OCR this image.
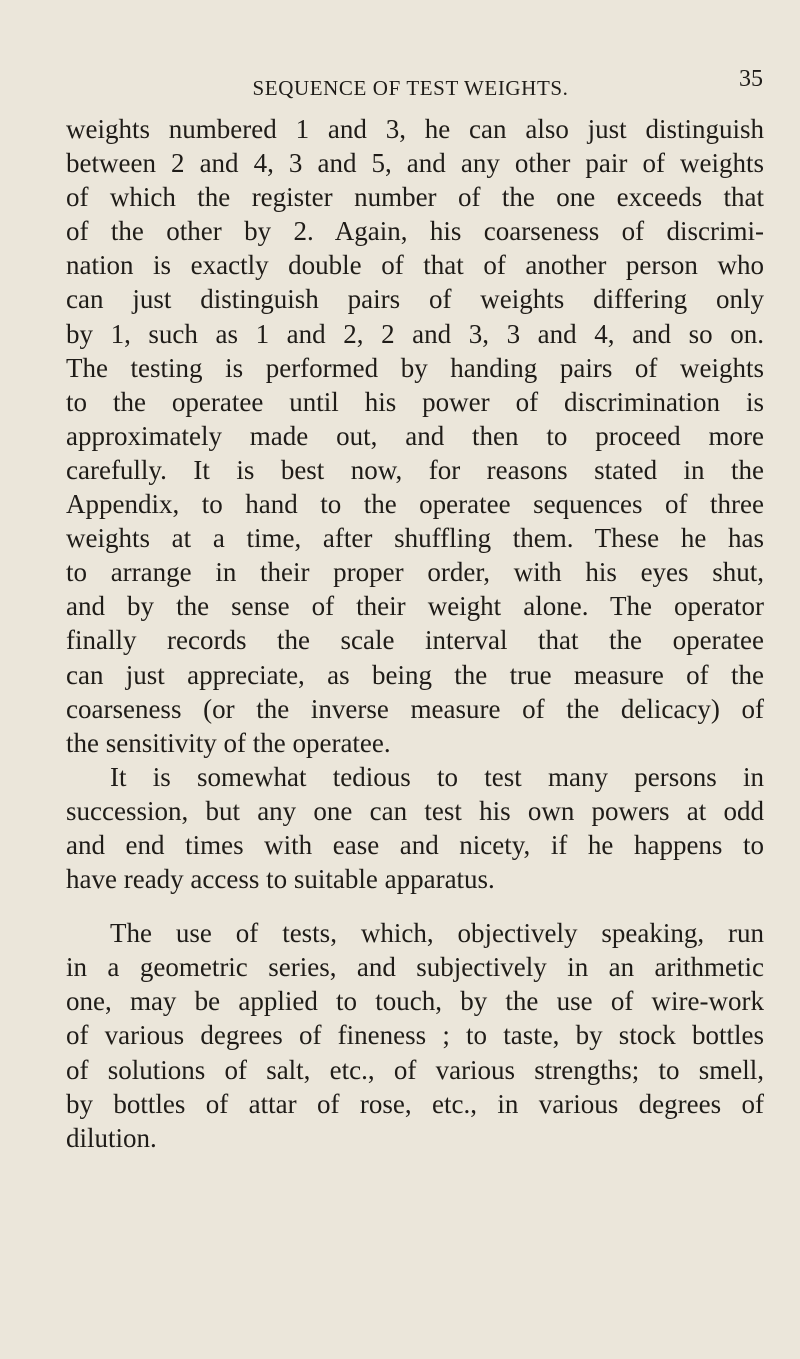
SEQUENCE OF TEST WEIGHTS.	35
weights numbered 1 and 3, he can also just distinguish
between 2 and 4, 3 and 5, and any other pair of weights
of which the register number of the one exceeds that
of the other by 2. Again, his coarseness of discrimi-
nation is exactly double of that of another person who
can just distinguish pairs of weights differing only
by 1, such as 1 and 2, 2 and 3, 3 and 4, and so on.
The testing is performed by handing pairs of weights
to the operatee until his power of discrimination is
approximately made out, and then to proceed more
carefully. It is best now, for reasons stated in the
Appendix, to hand to the operatee sequences of three
weights at a time, after shuffling them. These he has
to arrange in their proper order, with his eyes shut,
and by the sense of their weight alone. The operator
finally records the scale interval that the operatee
can just appreciate, as being the true measure of the
coarseness (or the inverse measure of the delicacy) of
the sensitivity of the operatee.
It is somewhat tedious to test many persons in
succession, but any one can test his own powers at odd
and end times with ease and nicety, if he happens to
have ready access to suitable apparatus.
The use of tests, which, objectively speaking, run
in a geometric series, and subjectively in an arithmetic
one, may be applied to touch, by the use of wire-work
of various degrees of fineness ; to taste, by stock bottles
of solutions of salt, etc., of various strengths; to smell,
by bottles of attar of rose, etc., in various degrees of
dilution.
